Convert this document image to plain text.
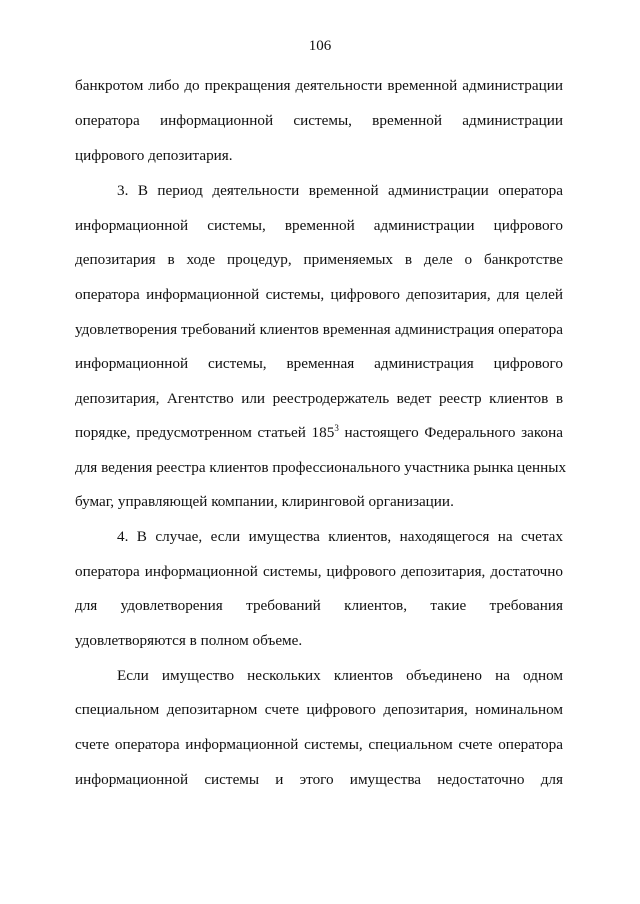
106
банкротом либо до прекращения деятельности временной администрации
оператора информационной системы, временной администрации
цифрового депозитария.
3. В период деятельности временной администрации оператора
информационной системы, временной администрации цифрового
депозитария в ходе процедур, применяемых в деле о банкротстве
оператора информационной системы, цифрового депозитария, для целей
удовлетворения требований клиентов временная администрация оператора
информационной системы, временная администрация цифрового
депозитария, Агентство или реестродержатель ведет реестр клиентов в
порядке, предусмотренном статьей $185^3$ настоящего Федерального закона
для ведения реестра клиентов профессионального участника рынка ценных
бумаг, управляющей компании, клиринговой организации.
4. В случае, если имущества клиентов, находящегося на счетах
оператора информационной системы, цифрового депозитария, достаточно
для удовлетворения требований клиентов, такие требования
удовлетворяются в полном объеме.
Если имущество нескольких клиентов объединено на одном
специальном депозитарном счете цифрового депозитария, номинальном
счете оператора информационной системы, специальном счете оператора
информационной системы и этого имущества недостаточно для
